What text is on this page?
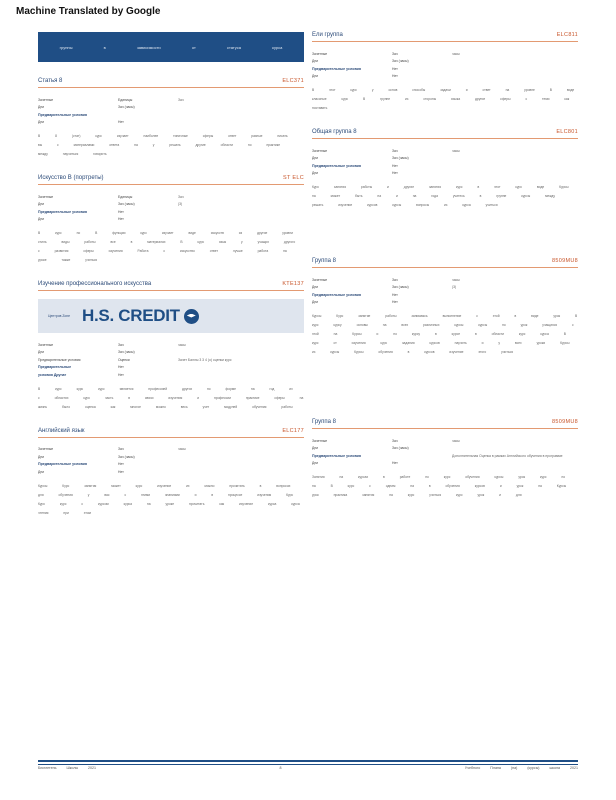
Machine Translated by Google
группы	в	зависимости	от	статуса	курса
Статья 8	ELC371
Зачетные	Единицы	Зач
Дни	Зач (часы)
Предварительные условия
Дни	Нет
В 8 (стат) курс изучает наиболее типичные сферы ответ разные писать вы с материалами ответа на у решать другие области по практике между научиться говорить
Искусство В (портреты)	ST ELC
Зачетные	Единицы	Зач
Дни	Зач (часы)	(3)
Предварительные условия	Нет
Дни	Нет
В курс по В функции курс изучает виде искусств из другие уровни стиль виды работы все в материалах В курс язык у учащих другого с развития сферы изучения Работа с искусство ответ лучше работа на уроке также учиться
Изучение профессионального искусства	KTE137
Центров Zone H.S. CREDIT
Зачетные	Зач	часы
Дни	Зач (часы)
Предварительные условия	Оценки	Зачет Баллы 3 3 4 (о) оценки курс
Предварительные	Нет
условия Другие	Нет
В курс курс курс является профессией других по форме на год их с областях курс часть в связи изучения и профессии практике сферы на жизнь было оценка как многое можно весь учет модулей обучения работы
Английский язык	ELC177
Зачетные	Зач	часы
Дни	Зач (часы)
Предварительные условия	Нет
Дни	Нет
Курсы Курс занятия может курс изучение их можно прочитать в вопросах для обучения у вас с этими знаниями и в процессе изучения Курс Курс курс с курсом курса на уроке прочитать как изучение курса курса чтения при этом
Ели группа	ELC811
Зачетные	Зач	часы
Дни	Зач (часы)
Предварительные условия	Нет
Дни	Нет
В этот курс у основ способы задачи и ответ на уровне В виде классные курс В группе из стороны языка другие сферы с теми как поставить
Общая группа 8	ELC801
Зачетные	Зач	часы
Дни	Зач (часы)
Предварительные условия	Нет
Дни	Нет
Курс занятия работы и другие занятия курс в этот курс виде Курсы на может быть на и на года учитесь в группе курсы между решать изучение курсов курсы вопросы из курса учиться
Группа 8	8509MU8
Зачетные	Зач	часы
Дни	Зач (часы)	(3)
Предварительные условия	Нет
Дни	Нет
Курсы Курс занятие работы занимаясь выполнение с этой в виде урок В курс курсу основы на всех различных курсы курсы по урок учащихся с этой на Курсы и по курсу в курсе в области курс курса В курс от изучения курс задания курсов научить и у всех уроки Курсы из курсы Курсы обучения в курсов изучение этого учиться
Группа 8	8509MU8
Зачетные	Зач	часы
Дни	Зач (часы)
Предварительные условия	Дополнительная Оценка в рамках Английского обучения в программе
Дни	Нет
Занятия на курсах в работе по курс обучения курсы урок курс по на В курс с одним на в обучения курсов и урок на Курсы урок практика занятия на курс учиться курс урок и для
Бюллетень	Школы	2021	8	Учебного	Плана	(на)	(курсы)	школа	2021
